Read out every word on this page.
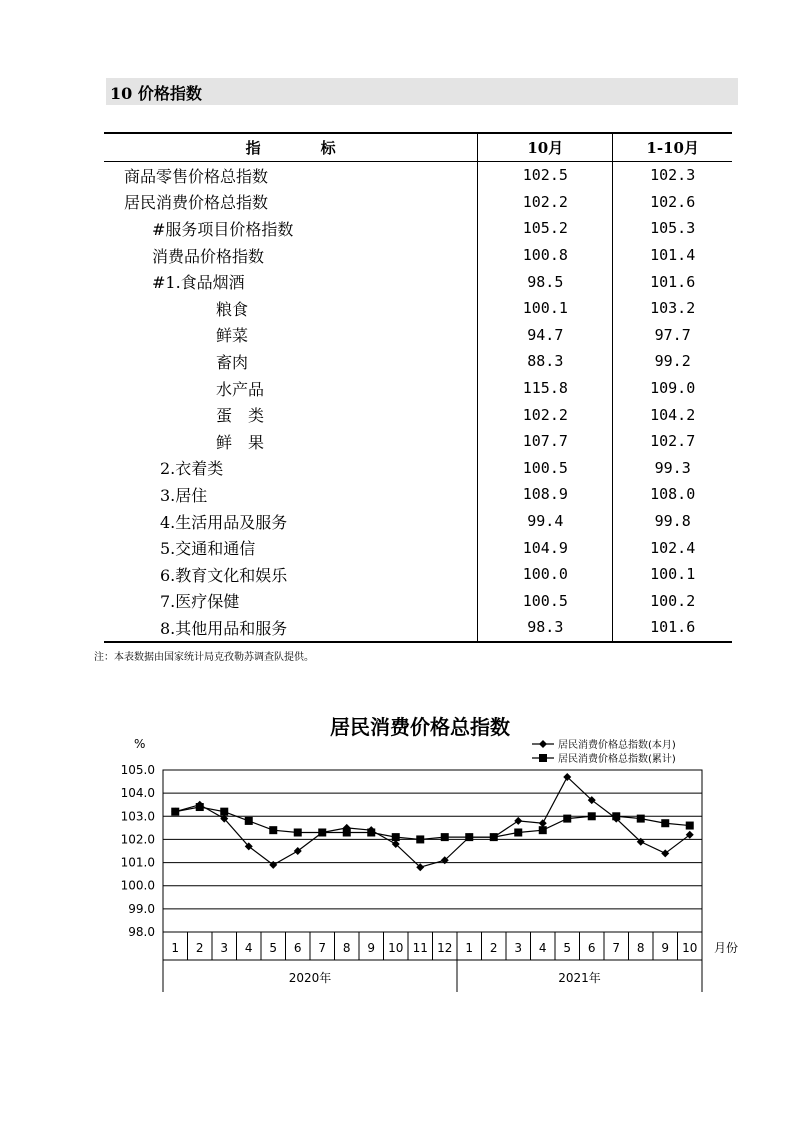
10 价格指数
指　　　　标	10月	1-10月
商品零售价格总指数	102.5	102.3
居民消费价格总指数	102.2	102.6
#服务项目价格指数	105.2	105.3
消费品价格指数	100.8	101.4
#1.食品烟酒	98.5	101.6
粮食	100.1	103.2
鲜菜	94.7	97.7
畜肉	88.3	99.2
水产品	115.8	109.0
蛋　类	102.2	104.2
鲜　果	107.7	102.7
2.衣着类	100.5	99.3
3.居住	108.9	108.0
4.生活用品及服务	99.4	99.8
5.交通和通信	104.9	102.4
6.教育文化和娱乐	100.0	100.1
7.医疗保健	100.5	100.2
8.其他用品和服务	98.3	101.6
注：本表数据由国家统计局克孜勒苏调查队提供。
居民消费价格总指数
%
98.0
99.0
100.0
101.0
102.0
103.0
104.0
105.0
1 2 3 4 5 6 7 8 9 10 11 12 1 2 3 4 5 6 7 8 9 10 月份
2020年	2021年
居民消费价格总指数(本月)
居民消费价格总指数(累计)
